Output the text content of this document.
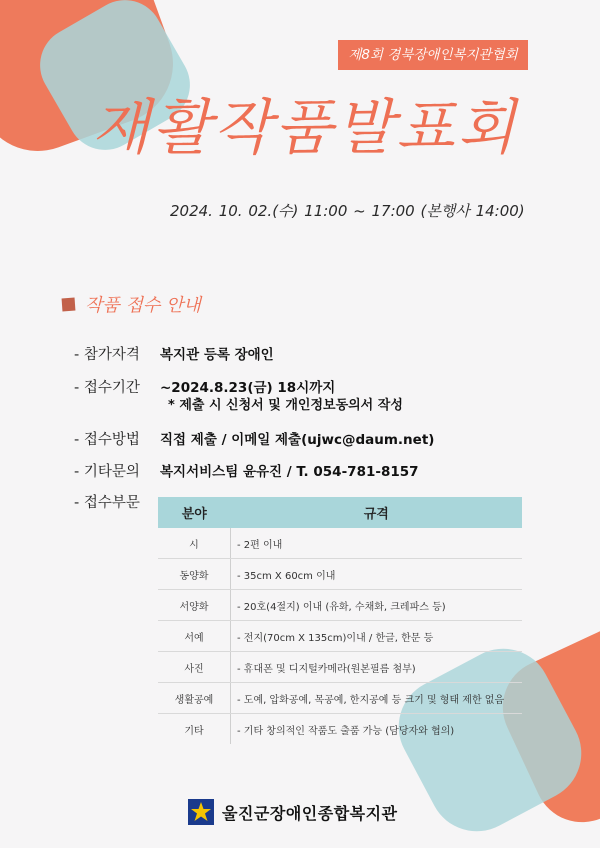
제8회 경북장애인복지관협회
재활작품발표회
2024. 10. 02.(수) 11:00 ~ 17:00 (본행사 14:00)
작품 접수 안내
- 참가자격 복지관 등록 장애인
- 접수기간 ~2024.8.23(금) 18시까지
* 제출 시 신청서 및 개인정보동의서 작성
- 접수방법 직접 제출 / 이메일 제출(ujwc@daum.net)
- 기타문의 복지서비스팀 윤유진 / T. 054-781-8157
- 접수부문
분야	규격
시	- 2편 이내
동양화	- 35cm X 60cm 이내
서양화	- 20호(4절지) 이내 (유화, 수채화, 크레파스 등)
서예	- 전지(70cm X 135cm)이내 / 한글, 한문 등
사진	- 휴대폰 및 디지털카메라(원본필름 첨부)
생활공예	- 도예, 압화공예, 목공예, 한지공예 등 크기 및 형태 제한 없음
기타	- 기타 창의적인 작품도 출품 가능 (담당자와 협의)
울진군장애인종합복지관
